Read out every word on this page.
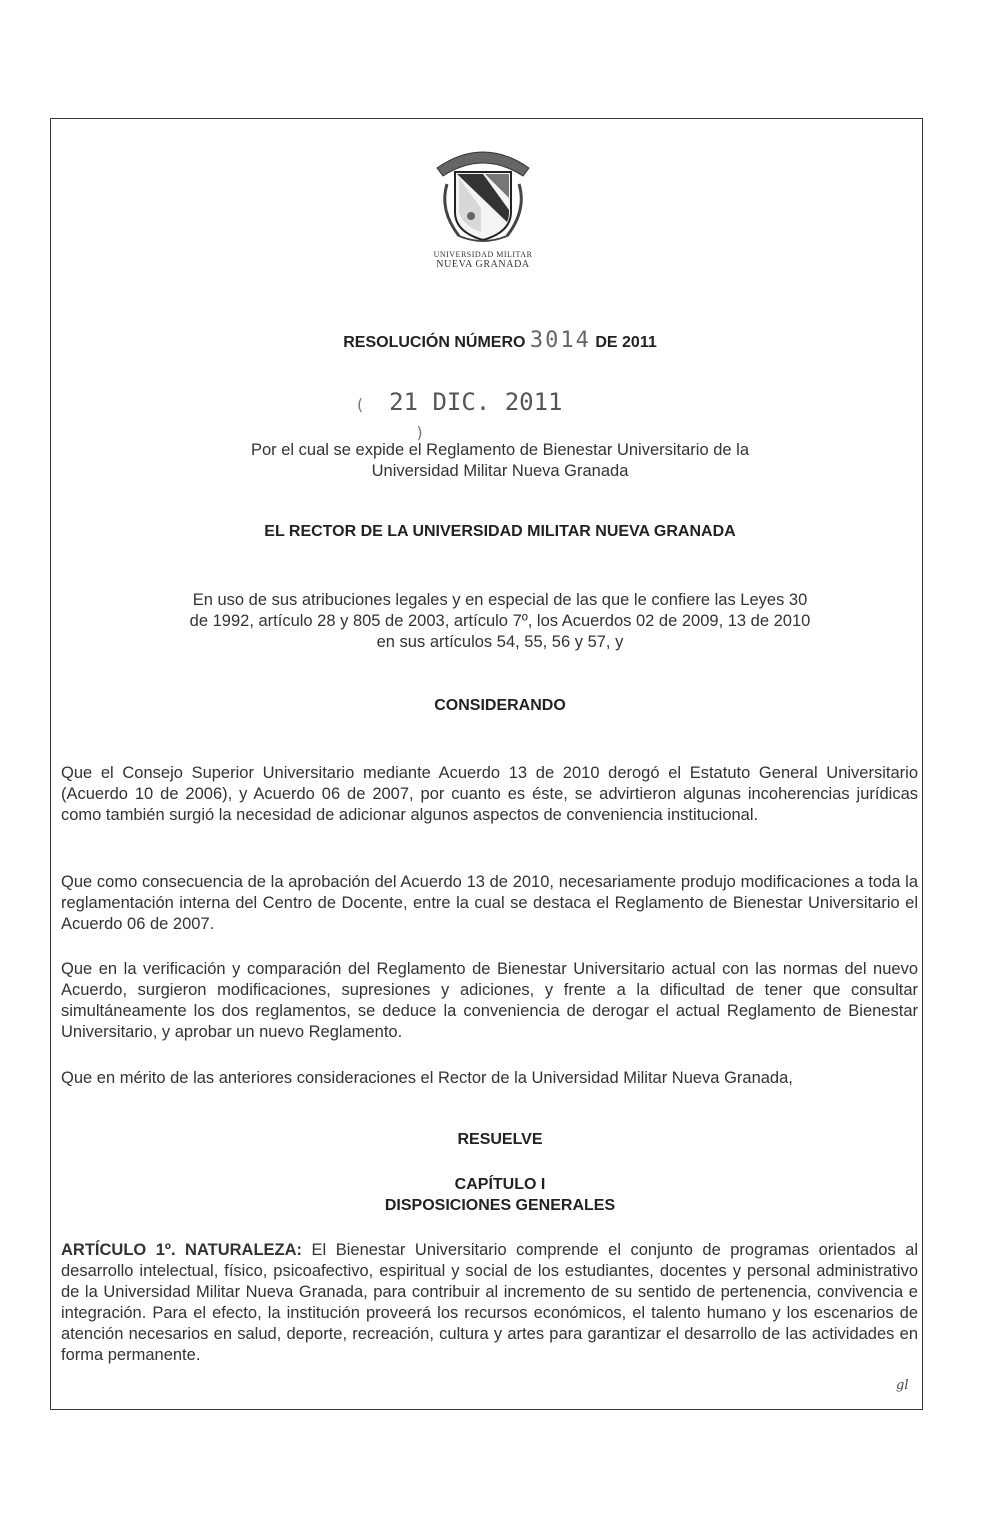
UNIVERSIDAD MILITAR
NUEVA GRANADA
RESOLUCIÓN NÚMERO 3014 DE 2011
( 21 DIC. 2011 )
Por el cual se expide el Reglamento de Bienestar Universitario de la
Universidad Militar Nueva Granada
EL RECTOR DE LA UNIVERSIDAD MILITAR NUEVA GRANADA
En uso de sus atribuciones legales y en especial de las que le confiere las Leyes 30
de 1992, artículo 28 y 805 de 2003, artículo 7º, los Acuerdos 02 de 2009, 13 de 2010
en sus artículos 54, 55, 56 y 57, y
CONSIDERANDO
Que el Consejo Superior Universitario mediante Acuerdo 13 de 2010 derogó el Estatuto General Universitario (Acuerdo 10 de 2006), y Acuerdo 06 de 2007, por cuanto es éste, se advirtieron algunas incoherencias jurídicas como también surgió la necesidad de adicionar algunos aspectos de conveniencia institucional.
Que como consecuencia de la aprobación del Acuerdo 13 de 2010, necesariamente produjo modificaciones a toda la reglamentación interna del Centro de Docente, entre la cual se destaca el Reglamento de Bienestar Universitario el Acuerdo 06 de 2007.
Que en la verificación y comparación del Reglamento de Bienestar Universitario actual con las normas del nuevo Acuerdo, surgieron modificaciones, supresiones y adiciones, y frente a la dificultad de tener que consultar simultáneamente los dos reglamentos, se deduce la conveniencia de derogar el actual Reglamento de Bienestar Universitario, y aprobar un nuevo Reglamento.
Que en mérito de las anteriores consideraciones el Rector de la Universidad Militar Nueva Granada,
RESUELVE
CAPÍTULO I
DISPOSICIONES GENERALES
ARTÍCULO 1º. NATURALEZA: El Bienestar Universitario comprende el conjunto de programas orientados al desarrollo intelectual, físico, psicoafectivo, espiritual y social de los estudiantes, docentes y personal administrativo de la Universidad Militar Nueva Granada, para contribuir al incremento de su sentido de pertenencia, convivencia e integración. Para el efecto, la institución proveerá los recursos económicos, el talento humano y los escenarios de atención necesarios en salud, deporte, recreación, cultura y artes para garantizar el desarrollo de las actividades en forma permanente.
gl
